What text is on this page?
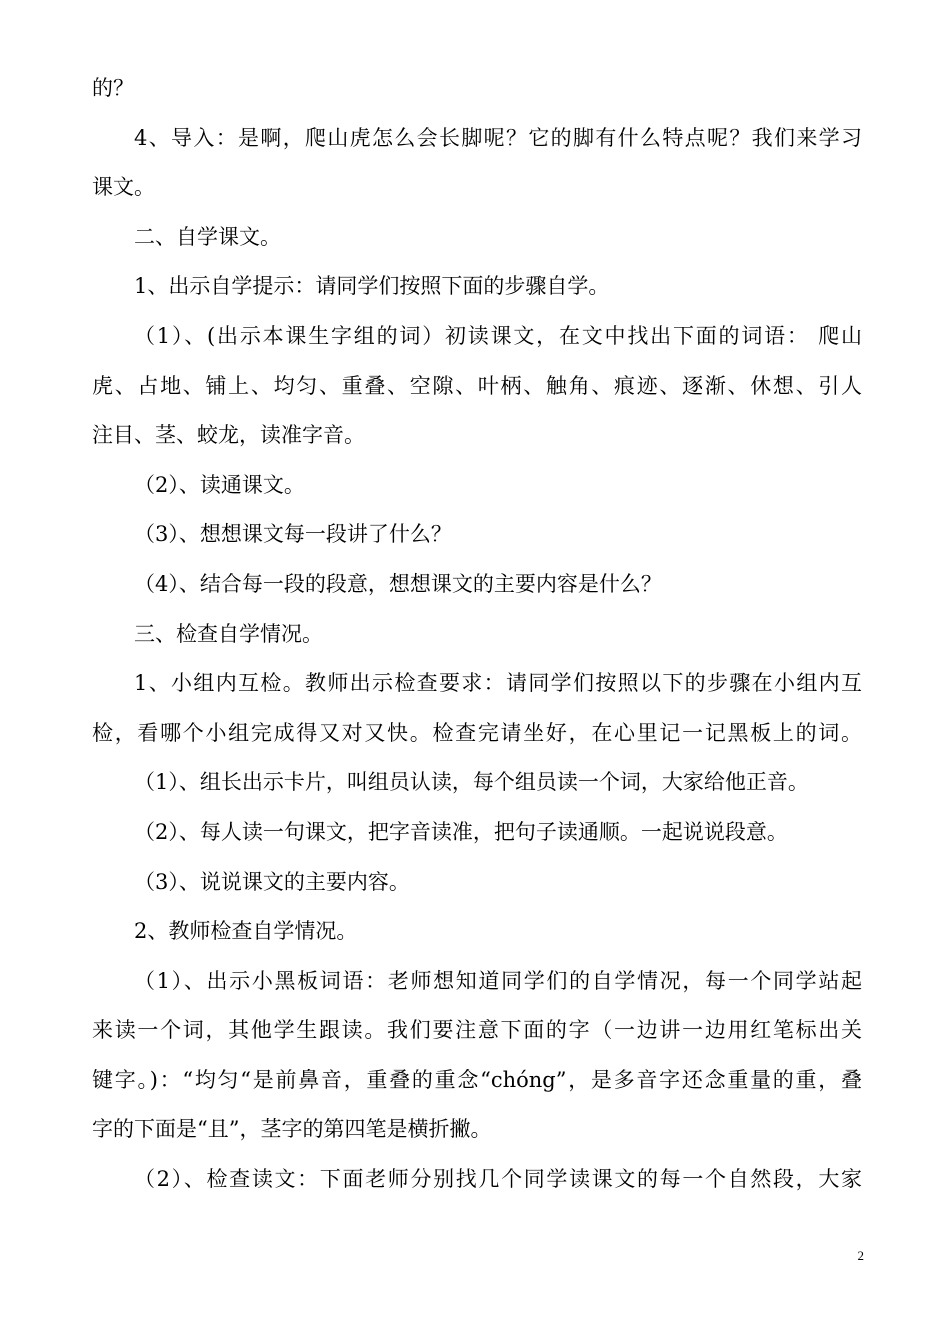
的？
4、导入：是啊，爬山虎怎么会长脚呢？它的脚有什么特点呢？我们来学习
课文。
二、自学课文。
1、出示自学提示：请同学们按照下面的步骤自学。
（1）、(出示本课生字组的词）初读课文，在文中找出下面的词语： 爬山
虎、占地、铺上、均匀、重叠、空隙、叶柄、触角、痕迹、逐渐、休想、引人
注目、茎、蛟龙，读准字音。
（2）、读通课文。
（3）、想想课文每一段讲了什么？
（4）、结合每一段的段意，想想课文的主要内容是什么？
三、检查自学情况。
1、小组内互检。教师出示检查要求：请同学们按照以下的步骤在小组内互
检，看哪个小组完成得又对又快。检查完请坐好，在心里记一记黑板上的词。
（1）、组长出示卡片，叫组员认读，每个组员读一个词，大家给他正音。
（2）、每人读一句课文，把字音读准，把句子读通顺。一起说说段意。
（3）、说说课文的主要内容。
2、教师检查自学情况。
（1）、出示小黑板词语：老师想知道同学们的自学情况，每一个同学站起
来读一个词，其他学生跟读。我们要注意下面的字（一边讲一边用红笔标出关
键字。)：“均匀“是前鼻音，重叠的重念“chóng”，是多音字还念重量的重，叠
字的下面是“且”，茎字的第四笔是横折撇。
（2）、检查读文：下面老师分别找几个同学读课文的每一个自然段，大家
2
